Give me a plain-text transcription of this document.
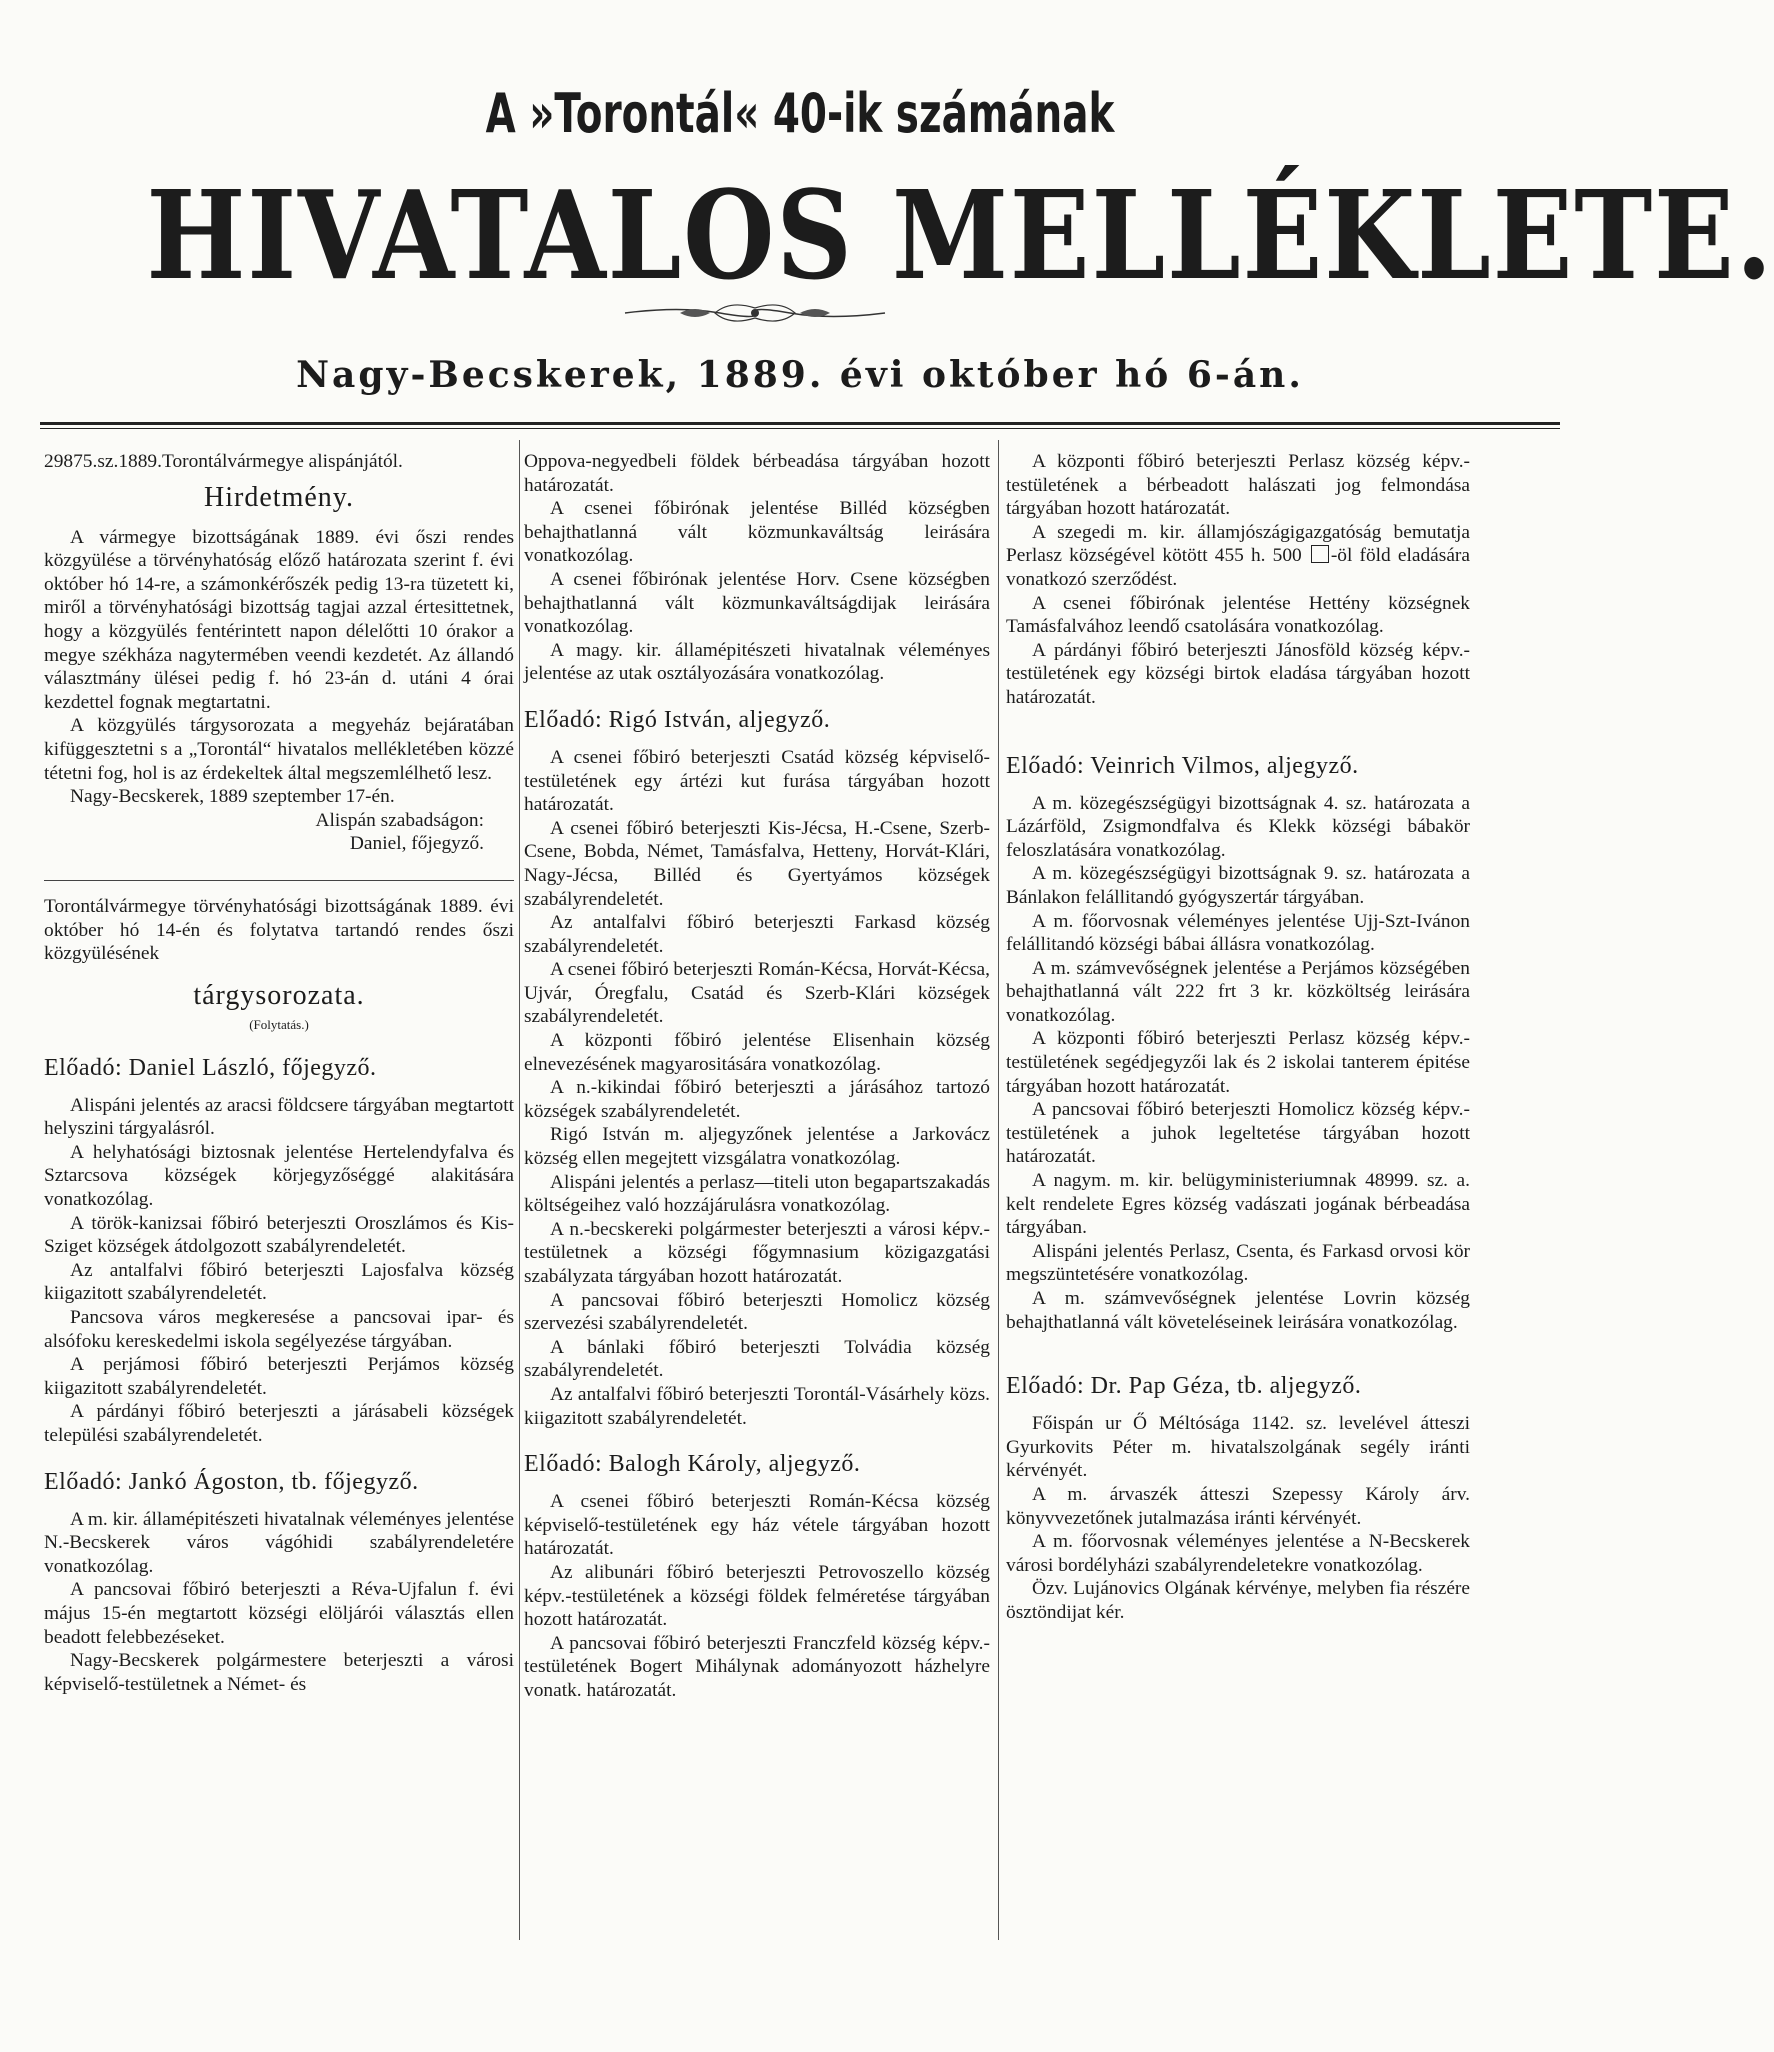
A »Torontál« 40-ik számának
HIVATALOS MELLÉKLETE.
Nagy-Becskerek, 1889. évi október hó 6-án.

29875.sz.1889.Torontálvármegye alispánjától.

Hirdetmény.

A vármegye bizottságának 1889. évi őszi rendes közgyülése a törvényhatóság előző határozata szerint f. évi október hó 14-re, a számonkérőszék pedig 13-ra tüzetett ki, miről a törvényhatósági bizottság tagjai azzal értesittetnek, hogy a közgyülés fentérintett napon délelőtti 10 órakor a megye székháza nagytermében veendi kezdetét. Az állandó választmány ülései pedig f. hó 23-án d. utáni 4 órai kezdettel fognak megtartatni.

A közgyülés tárgysorozata a megyeház bejáratában kifüggesztetni s a „Torontál“ hivatalos mellékletében közzé tétetni fog, hol is az érdekeltek által megszemlélhető lesz.

Nagy-Becskerek, 1889 szeptember 17-én.

Alispán szabadságon:

Daniel, főjegyző.

Torontálvármegye törvényhatósági bizottságának 1889. évi október hó 14-én és folytatva tartandó rendes őszi közgyülésének

tárgysorozata.
(Folytatás.)

Előadó: Daniel László, főjegyző.

Alispáni jelentés az aracsi földcsere tárgyában megtartott helyszini tárgyalásról.

A helyhatósági biztosnak jelentése Hertelendyfalva és Sztarcsova községek körjegyzőséggé alakitására vonatkozólag.

A török-kanizsai főbiró beterjeszti Oroszlámos és Kis-Sziget községek átdolgozott szabályrendeletét.

Az antalfalvi főbiró beterjeszti Lajosfalva község kiigazitott szabályrendeletét.

Pancsova város megkeresése a pancsovai ipar- és alsófoku kereskedelmi iskola segélyezése tárgyában.

A perjámosi főbiró beterjeszti Perjámos község kiigazitott szabályrendeletét.

A párdányi főbiró beterjeszti a járásabeli községek települési szabályrendeletét.

Előadó: Jankó Ágoston, tb. főjegyző.

A m. kir. államépitészeti hivatalnak véleményes jelentése N.-Becskerek város vágóhidi szabályrendeletére vonatkozólag.

A pancsovai főbiró beterjeszti a Réva-Ujfalun f. évi május 15-én megtartott községi elöljárói választás ellen beadott felebbezéseket.

Nagy-Becskerek polgármestere beterjeszti a városi képviselő-testületnek a Német- és

Oppova-negyedbeli földek bérbeadása tárgyában hozott határozatát.

A csenei főbirónak jelentése Billéd községben behajthatlanná vált közmunkaváltság leirására vonatkozólag.

A csenei főbirónak jelentése Horv. Csene községben behajthatlanná vált közmunkaváltságdijak leirására vonatkozólag.

A magy. kir. államépitészeti hivatalnak véleményes jelentése az utak osztályozására vonatkozólag.

Előadó: Rigó István, aljegyző.

A csenei főbiró beterjeszti Csatád község képviselő-testületének egy ártézi kut furása tárgyában hozott határozatát.

A csenei főbiró beterjeszti Kis-Jécsa, H.-Csene, Szerb-Csene, Bobda, Német, Tamásfalva, Hetteny, Horvát-Klári, Nagy-Jécsa, Billéd és Gyertyámos községek szabályrendeletét.

Az antalfalvi főbiró beterjeszti Farkasd község szabályrendeletét.

A csenei főbiró beterjeszti Román-Kécsa, Horvát-Kécsa, Ujvár, Óregfalu, Csatád és Szerb-Klári községek szabályrendeletét.

A központi főbiró jelentése Elisenhain község elnevezésének magyarositására vonatkozólag.

A n.-kikindai főbiró beterjeszti a járásához tartozó községek szabályrendeletét.

Rigó István m. aljegyzőnek jelentése a Jarkovácz község ellen megejtett vizsgálatra vonatkozólag.

Alispáni jelentés a perlasz—titeli uton begapartszakadás költségeihez való hozzájárulásra vonatkozólag.

A n.-becskereki polgármester beterjeszti a városi képv.-testületnek a községi főgymnasium közigazgatási szabályzata tárgyában hozott határozatát.

A pancsovai főbiró beterjeszti Homolicz község szervezési szabályrendeletét.

A bánlaki főbiró beterjeszti Tolvádia község szabályrendeletét.

Az antalfalvi főbiró beterjeszti Torontál-Vásárhely közs. kiigazitott szabályrendeletét.

Előadó: Balogh Károly, aljegyző.

A csenei főbiró beterjeszti Román-Kécsa község képviselő-testületének egy ház vétele tárgyában hozott határozatát.

Az alibunári főbiró beterjeszti Petrovoszello község képv.-testületének a községi földek felméretése tárgyában hozott határozatát.

A pancsovai főbiró beterjeszti Franczfeld község képv.-testületének Bogert Mihálynak adományozott házhelyre vonatk. határozatát.

A központi főbiró beterjeszti Perlasz község képv.-testületének a bérbeadott halászati jog felmondása tárgyában hozott határozatát.

A szegedi m. kir. államjószágigazgatóság bemutatja Perlasz községével kötött 455 h. 500 -öl föld eladására vonatkozó szerződést.

A csenei főbirónak jelentése Hettény községnek Tamásfalvához leendő csatolására vonatkozólag.

A párdányi főbiró beterjeszti Jánosföld község képv.-testületének egy községi birtok eladása tárgyában hozott határozatát.

Előadó: Veinrich Vilmos, aljegyző.

A m. közegészségügyi bizottságnak 4. sz. határozata a Lázárföld, Zsigmondfalva és Klekk községi bábakör feloszlatására vonatkozólag.

A m. közegészségügyi bizottságnak 9. sz. határozata a Bánlakon felállitandó gyógyszertár tárgyában.

A m. főorvosnak véleményes jelentése Ujj-Szt-Ivánon felállitandó községi bábai állásra vonatkozólag.

A m. számvevőségnek jelentése a Perjámos községében behajthatlanná vált 222 frt 3 kr. közköltség leirására vonatkozólag.

A központi főbiró beterjeszti Perlasz község képv.-testületének segédjegyzői lak és 2 iskolai tanterem épitése tárgyában hozott határozatát.

A pancsovai főbiró beterjeszti Homolicz község képv.-testületének a juhok legeltetése tárgyában hozott határozatát.

A nagym. m. kir. belügyministeriumnak 48999. sz. a. kelt rendelete Egres község vadászati jogának bérbeadása tárgyában.

Alispáni jelentés Perlasz, Csenta, és Farkasd orvosi kör megszüntetésére vonatkozólag.

A m. számvevőségnek jelentése Lovrin község behajthatlanná vált követeléseinek leirására vonatkozólag.

Előadó: Dr. Pap Géza, tb. aljegyző.

Főispán ur Ő Méltósága 1142. sz. levelével átteszi Gyurkovits Péter m. hivatalszolgának segély iránti kérvényét.

A m. árvaszék átteszi Szepessy Károly árv. könyvvezetőnek jutalmazása iránti kérvényét.

A m. főorvosnak véleményes jelentése a N-Becskerek városi bordélyházi szabályrendeletekre vonatkozólag.

Özv. Lujánovics Olgának kérvénye, melyben fia részére ösztöndijat kér.
